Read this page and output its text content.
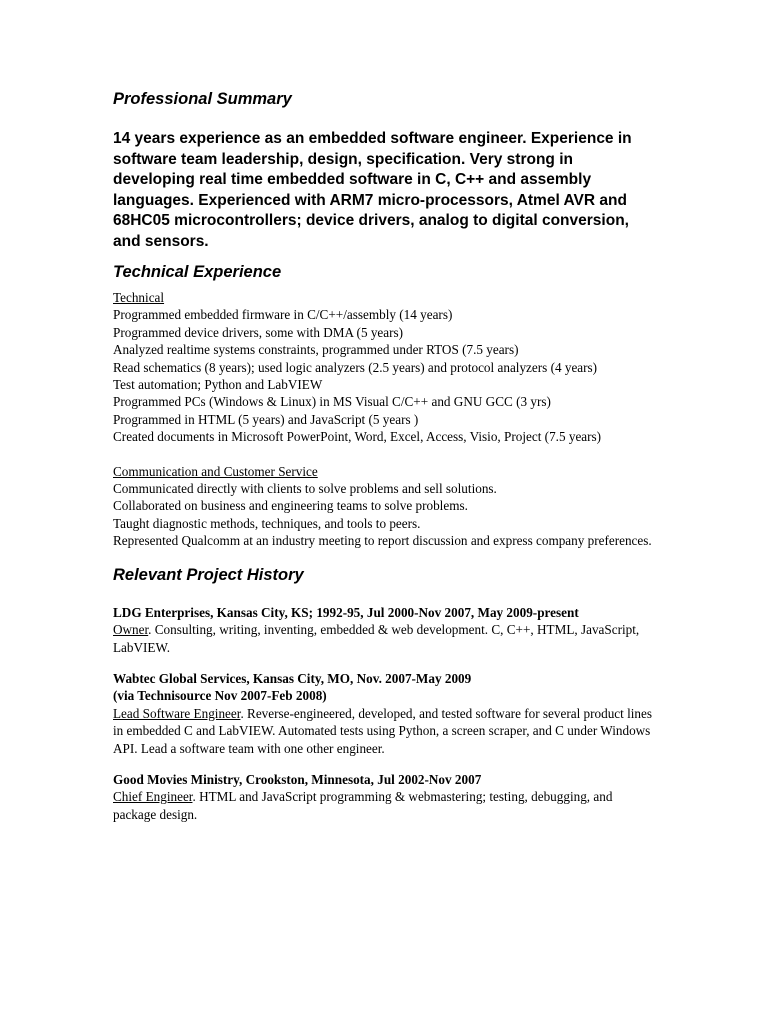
Professional Summary

14 years experience as an embedded software engineer. Experience in software team leadership, design, specification. Very strong in developing real time embedded software in C, C++ and assembly languages. Experienced with ARM7 micro-processors, Atmel AVR and 68HC05 microcontrollers; device drivers, analog to digital conversion, and sensors.

Technical Experience
Technical
Programmed embedded firmware in C/C++/assembly (14 years)
Programmed device drivers, some with DMA (5 years)
Analyzed realtime systems constraints, programmed under RTOS (7.5 years)
Read schematics (8 years); used logic analyzers (2.5 years) and protocol analyzers (4 years)
Test automation; Python and LabVIEW
Programmed PCs (Windows & Linux) in MS Visual C/C++ and GNU GCC (3 yrs)
Programmed in HTML (5 years) and JavaScript (5 years )
Created documents in Microsoft PowerPoint, Word, Excel, Access, Visio, Project (7.5 years)
Communication and Customer Service
Communicated directly with clients to solve problems and sell solutions.
Collaborated on business and engineering teams to solve problems.
Taught diagnostic methods, techniques, and tools to peers.
Represented Qualcomm at an industry meeting to report discussion and express company preferences.
Relevant Project History
LDG Enterprises, Kansas City, KS; 1992-95, Jul 2000-Nov 2007, May 2009-present
Owner. Consulting, writing, inventing, embedded & web development. C, C++, HTML, JavaScript, LabVIEW.
Wabtec Global Services, Kansas City, MO, Nov. 2007-May 2009
(via Technisource Nov 2007-Feb 2008)
Lead Software Engineer. Reverse-engineered, developed, and tested software for several product lines in embedded C and LabVIEW. Automated tests using Python, a screen scraper, and C under Windows API. Lead a software team with one other engineer.
Good Movies Ministry, Crookston, Minnesota, Jul 2002-Nov 2007
Chief Engineer. HTML and JavaScript programming & webmastering; testing, debugging, and package design.
